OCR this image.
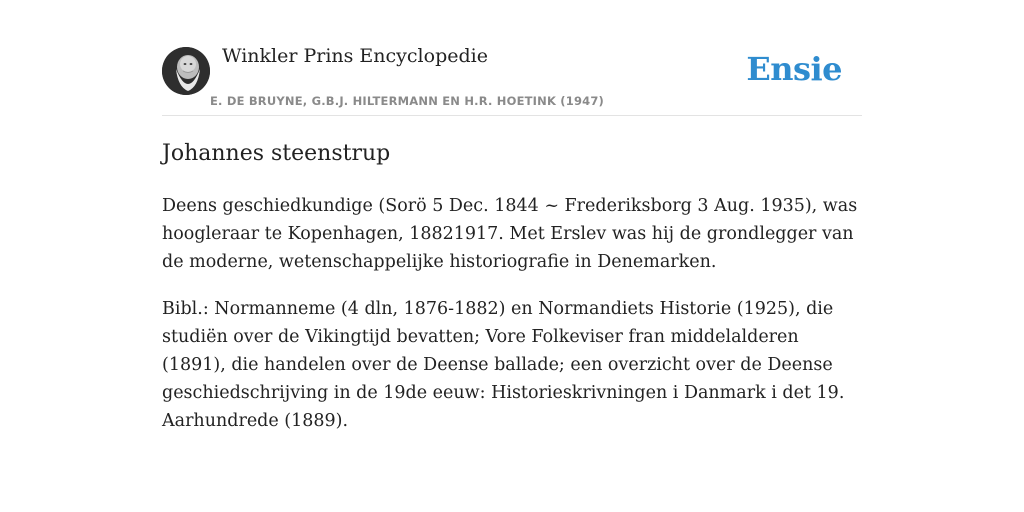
Winkler Prins Encyclopedie
E. DE BRUYNE, G.B.J. HILTERMANN EN H.R. HOETINK (1947)
Ensie
Johannes steenstrup

Deens geschiedkundige (Sorö 5 Dec. 1844 ~ Frederiksborg 3 Aug. 1935), was hoogleraar te Kopenhagen, 18821917. Met Erslev was hij de grondlegger van de moderne, wetenschappelijke historiografie in Denemarken.

Bibl.: Normanneme (4 dln, 1876-1882) en Normandiets Historie (1925), die studiën over de Vikingtijd bevatten; Vore Folkeviser fran middelalderen (1891), die handelen over de Deense ballade; een overzicht over de Deense geschiedschrijving in de 19de eeuw: Historieskrivningen i Danmark i det 19. Aarhundrede (1889).
